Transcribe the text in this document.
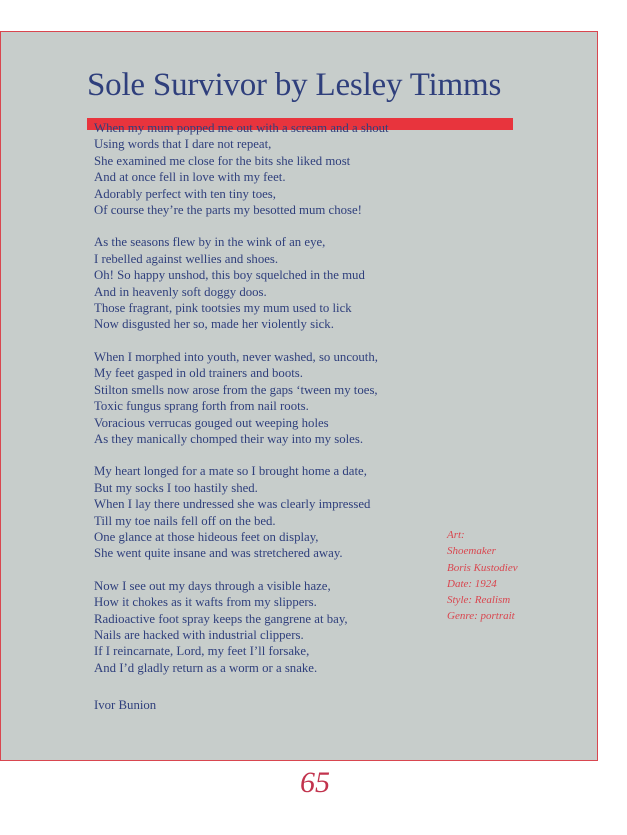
Sole Survivor by Lesley Timms
When my mum popped me out with a scream and a shout
Using words that I dare not repeat,
She examined me close for the bits she liked most
And at once fell in love with my feet.
Adorably perfect with ten tiny toes,
Of course they’re the parts my besotted mum chose!
As the seasons flew by in the wink of an eye,
I rebelled against wellies and shoes.
Oh! So happy unshod, this boy squelched in the mud
And in heavenly soft doggy doos.
Those fragrant, pink tootsies my mum used to lick
Now disgusted her so, made her violently sick.
When I morphed into youth, never washed, so uncouth,
My feet gasped in old trainers and boots.
Stilton smells now arose from the gaps ‘tween my toes,
Toxic fungus sprang forth from nail roots.
Voracious verrucas gouged out weeping holes
As they manically chomped their way into my soles.
My heart longed for a mate so I brought home a date,
But my socks I too hastily shed.
When I lay there undressed she was clearly impressed
Till my toe nails fell off on the bed.
One glance at those hideous feet on display,
She went quite insane and was stretchered away.
Now I see out my days through a visible haze,
How it chokes as it wafts from my slippers.
Radioactive foot spray keeps the gangrene at bay,
Nails are hacked with industrial clippers.
If I reincarnate, Lord, my feet I’ll forsake,
And I’d gladly return as a worm or a snake.
Ivor Bunion
Art:
Shoemaker
Boris Kustodiev
Date: 1924
Style: Realism
Genre: portrait
65
